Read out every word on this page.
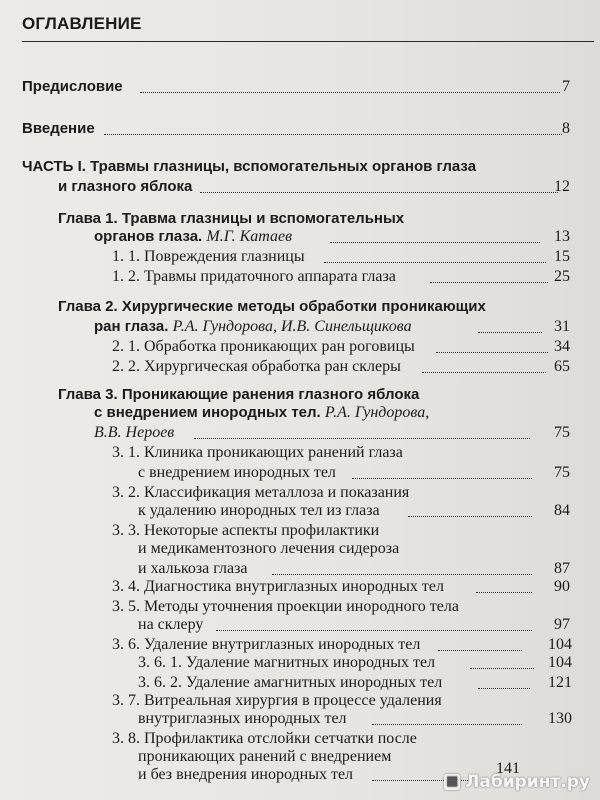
ОГЛАВЛЕНИЕ
Предисловие	7
Введение	8
ЧАСТЬ I. Травмы глазницы, вспомогательных органов глаза
и глазного яблока	12
Глава 1. Травма глазницы и вспомогательных
органов глаза. М.Г. Катаев	13
1. 1. Повреждения глазницы	15
1. 2. Травмы придаточного аппарата глаза	25
Глава 2. Хирургические методы обработки проникающих
ран глаза. Р.А. Гундорова, И.В. Синельщикова	31
2. 1. Обработка проникающих ран роговицы	34
2. 2. Хирургическая обработка ран склеры	65
Глава 3. Проникающие ранения глазного яблока
с внедрением инородных тел. Р.А. Гундорова,
В.В. Нероев	75
3. 1. Клиника проникающих ранений глаза
с внедрением инородных тел	75
3. 2. Классификация металлоза и показания
к удалению инородных тел из глаза	84
3. 3. Некоторые аспекты профилактики
и медикаментозного лечения сидероза
и халькоза глаза	87
3. 4. Диагностика внутриглазных инородных тел	90
3. 5. Методы уточнения проекции инородного тела
на склеру	97
3. 6. Удаление внутриглазных инородных тел	104
3. 6. 1. Удаление магнитных инородных тел	104
3. 6. 2. Удаление амагнитных инородных тел	121
3. 7. Витреальная хирургия в процессе удаления
внутриглазных инородных тел	130
3. 8. Профилактика отслойки сетчатки после
проникающих ранений с внедрением
и без внедрения инородных тел	141
■ Лабиринт.ру
